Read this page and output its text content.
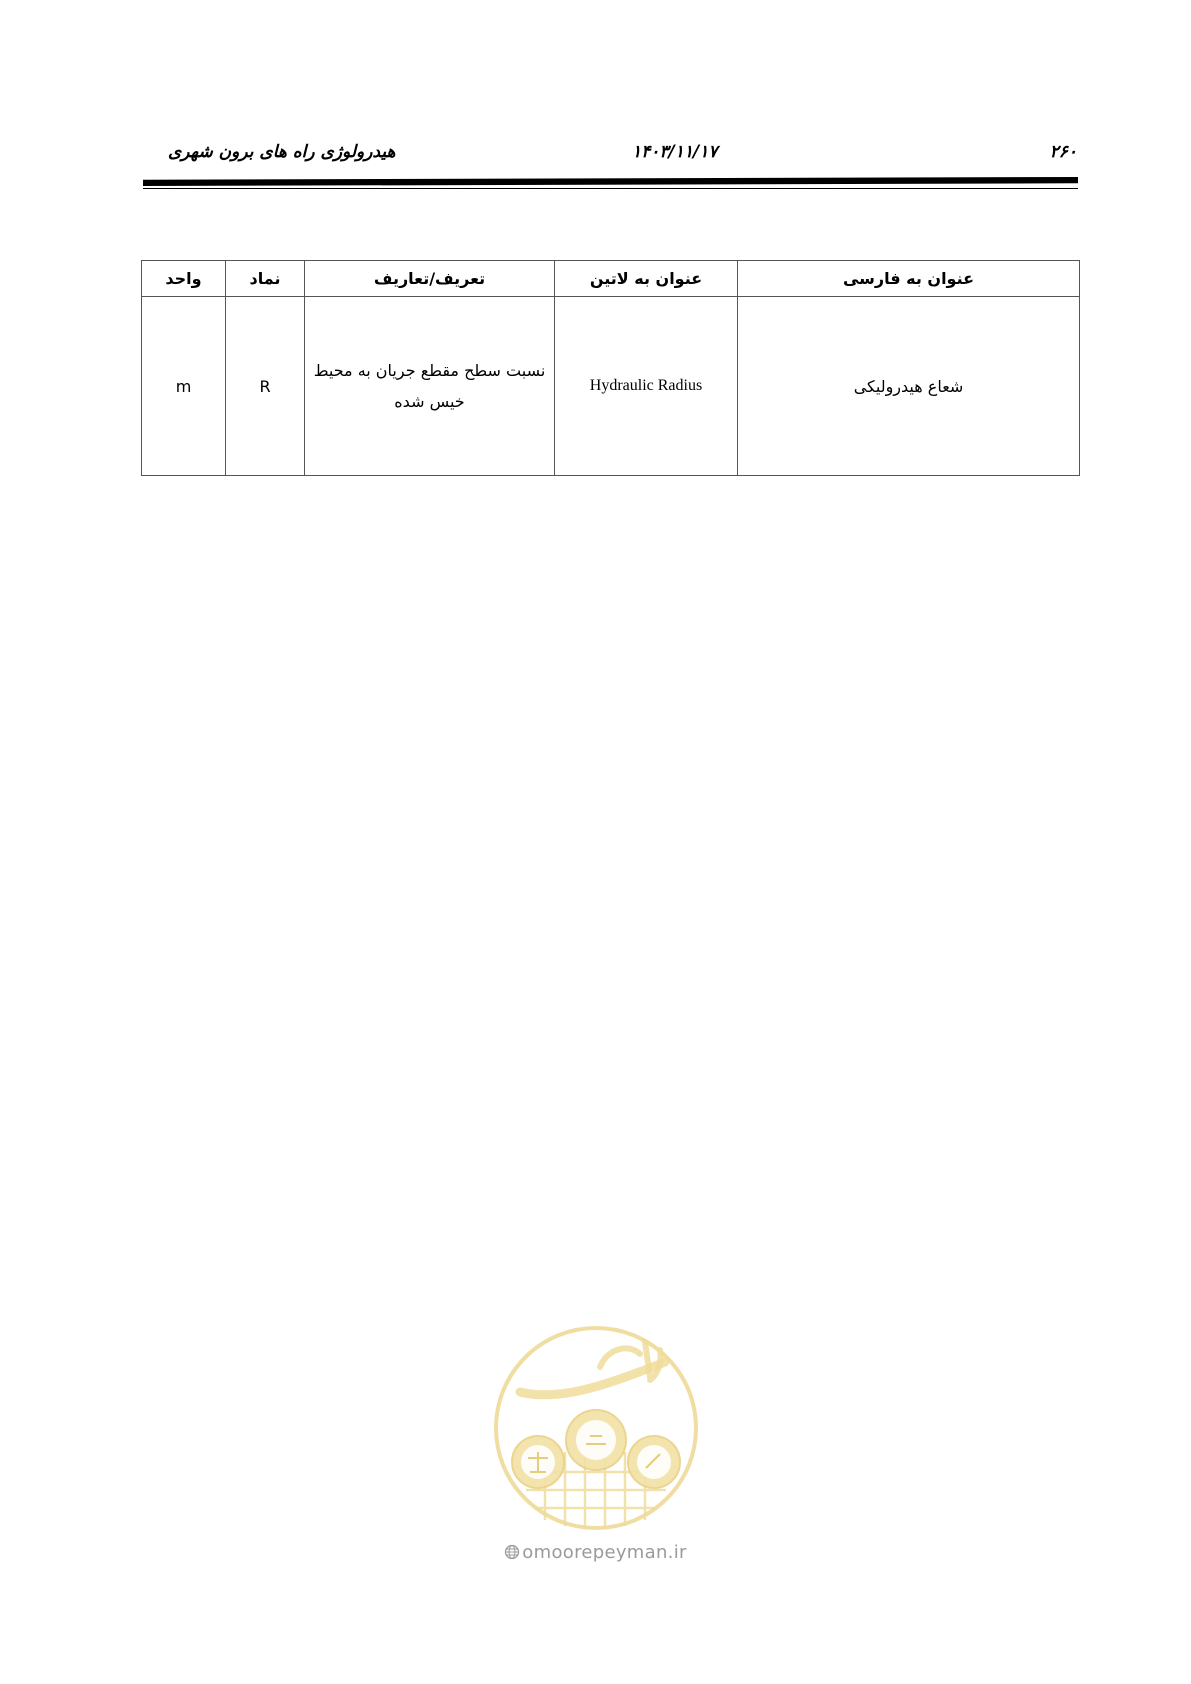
هیدرولوژی راه های برون شهری	۱۴۰۳/۱۱/۱۷	۲۶۰
واحد	نماد	تعریف/تعاریف	عنوان به لاتین	عنوان به فارسی
m	R	نسبت سطح مقطع جریان به محیط خیس شده	Hydraulic Radius	شعاع هیدرولیکی
omoorepeyman.ir
